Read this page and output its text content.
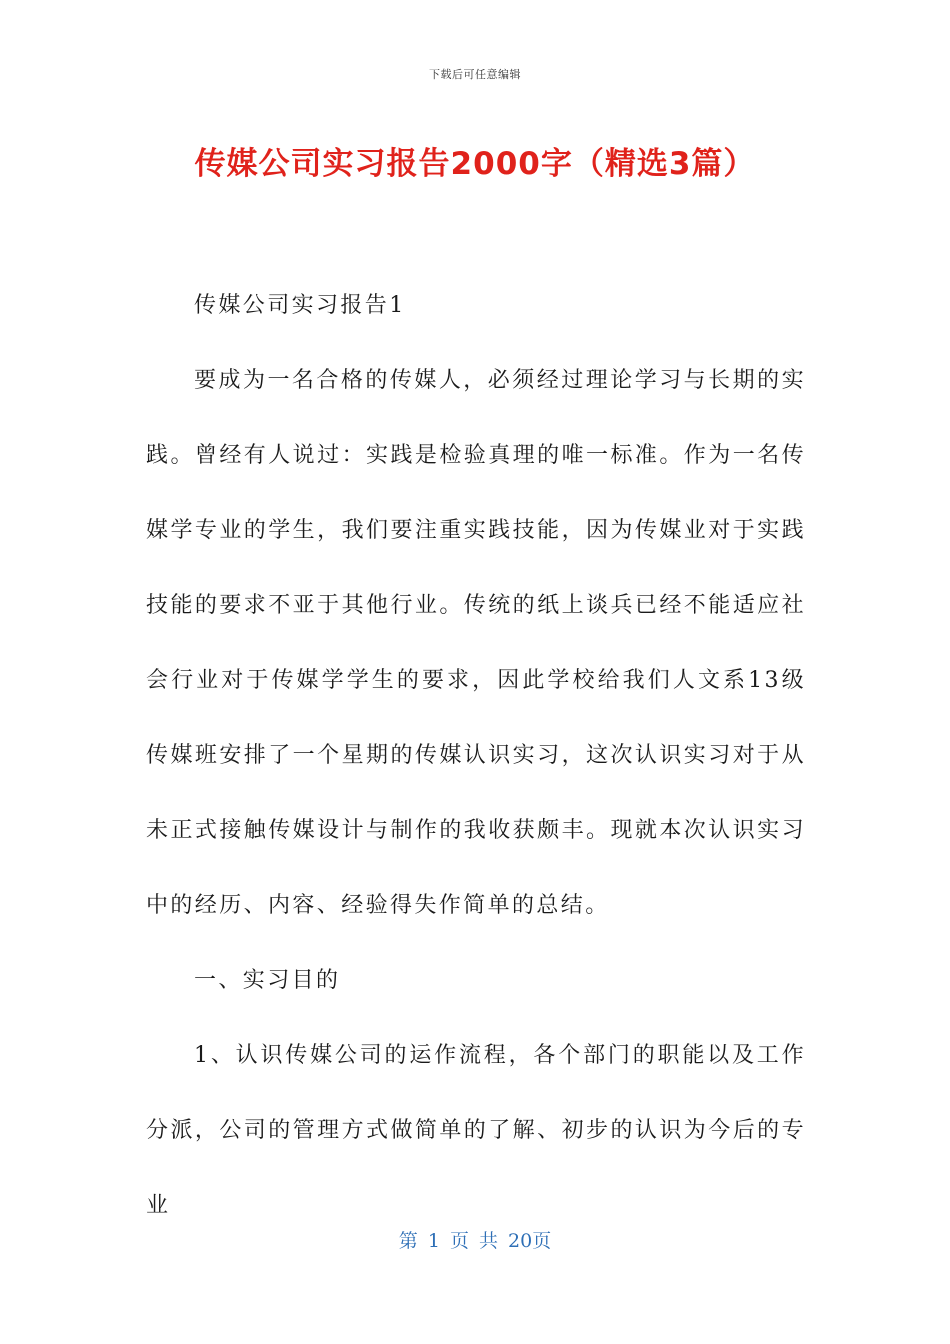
下载后可任意编辑
传媒公司实习报告2000字（精选3篇）

传媒公司实习报告1

要成为一名合格的传媒人，必须经过理论学习与长期的实践。曾经有人说过：实践是检验真理的唯一标准。作为一名传媒学专业的学生，我们要注重实践技能，因为传媒业对于实践技能的要求不亚于其他行业。传统的纸上谈兵已经不能适应社会行业对于传媒学学生的要求，因此学校给我们人文系13级传媒班安排了一个星期的传媒认识实习，这次认识实习对于从未正式接触传媒设计与制作的我收获颇丰。现就本次认识实习中的经历、内容、经验得失作简单的总结。

一、实习目的

1、认识传媒公司的运作流程，各个部门的职能以及工作分派，公司的管理方式做简单的了解、初步的认识为今后的专业

第 1 页 共 20页
